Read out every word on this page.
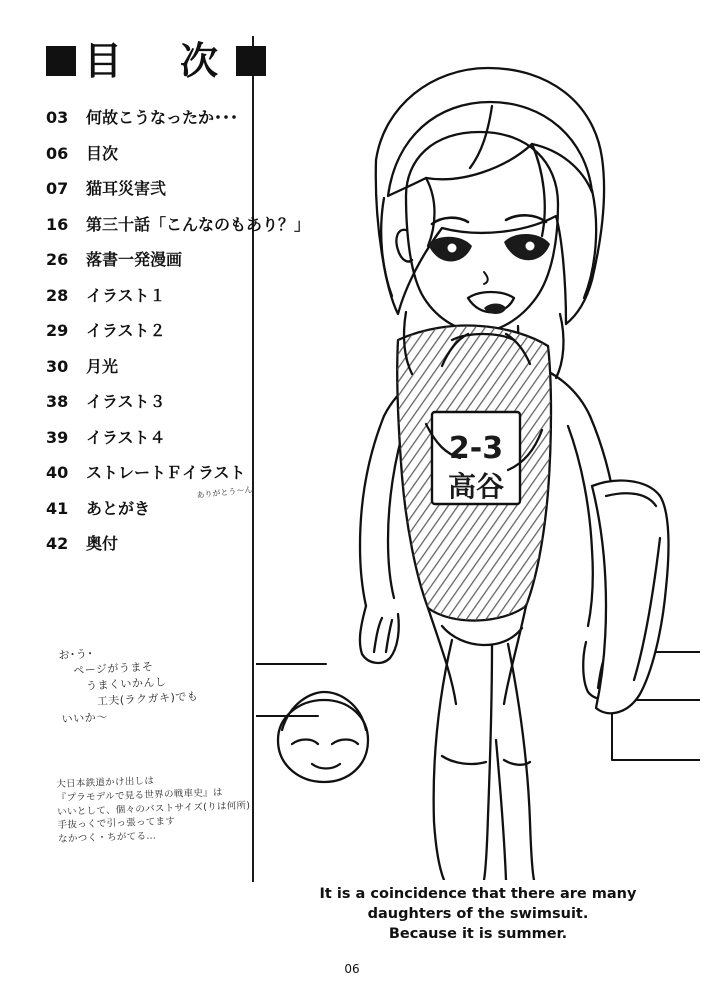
目　次
03	何故こうなったか･･･
06	目次
07	猫耳災害弐
16	第三十話「こんなのもあり？」
26	落書一発漫画
28	イラスト１
29	イラスト２
30	月光
38	イラスト３
39	イラスト４
40	ストレートＦイラスト
41	あとがき
42	奥付
ありがとう～ん
お･う･
ページがうまそ
うまくいかんし
工夫(ラクガキ)でも
いいか～
大日本鉄道かけ出しは
『プラモデルで見る世界の戦車史』は
いいとして、個々のバストサイズ(りは何所)
手抜っくで引っ張ってます
なかつく・ちがてる…
2-3
高谷
It is a coincidence that there are many
daughters of the swimsuit.
Because it is summer.
06
